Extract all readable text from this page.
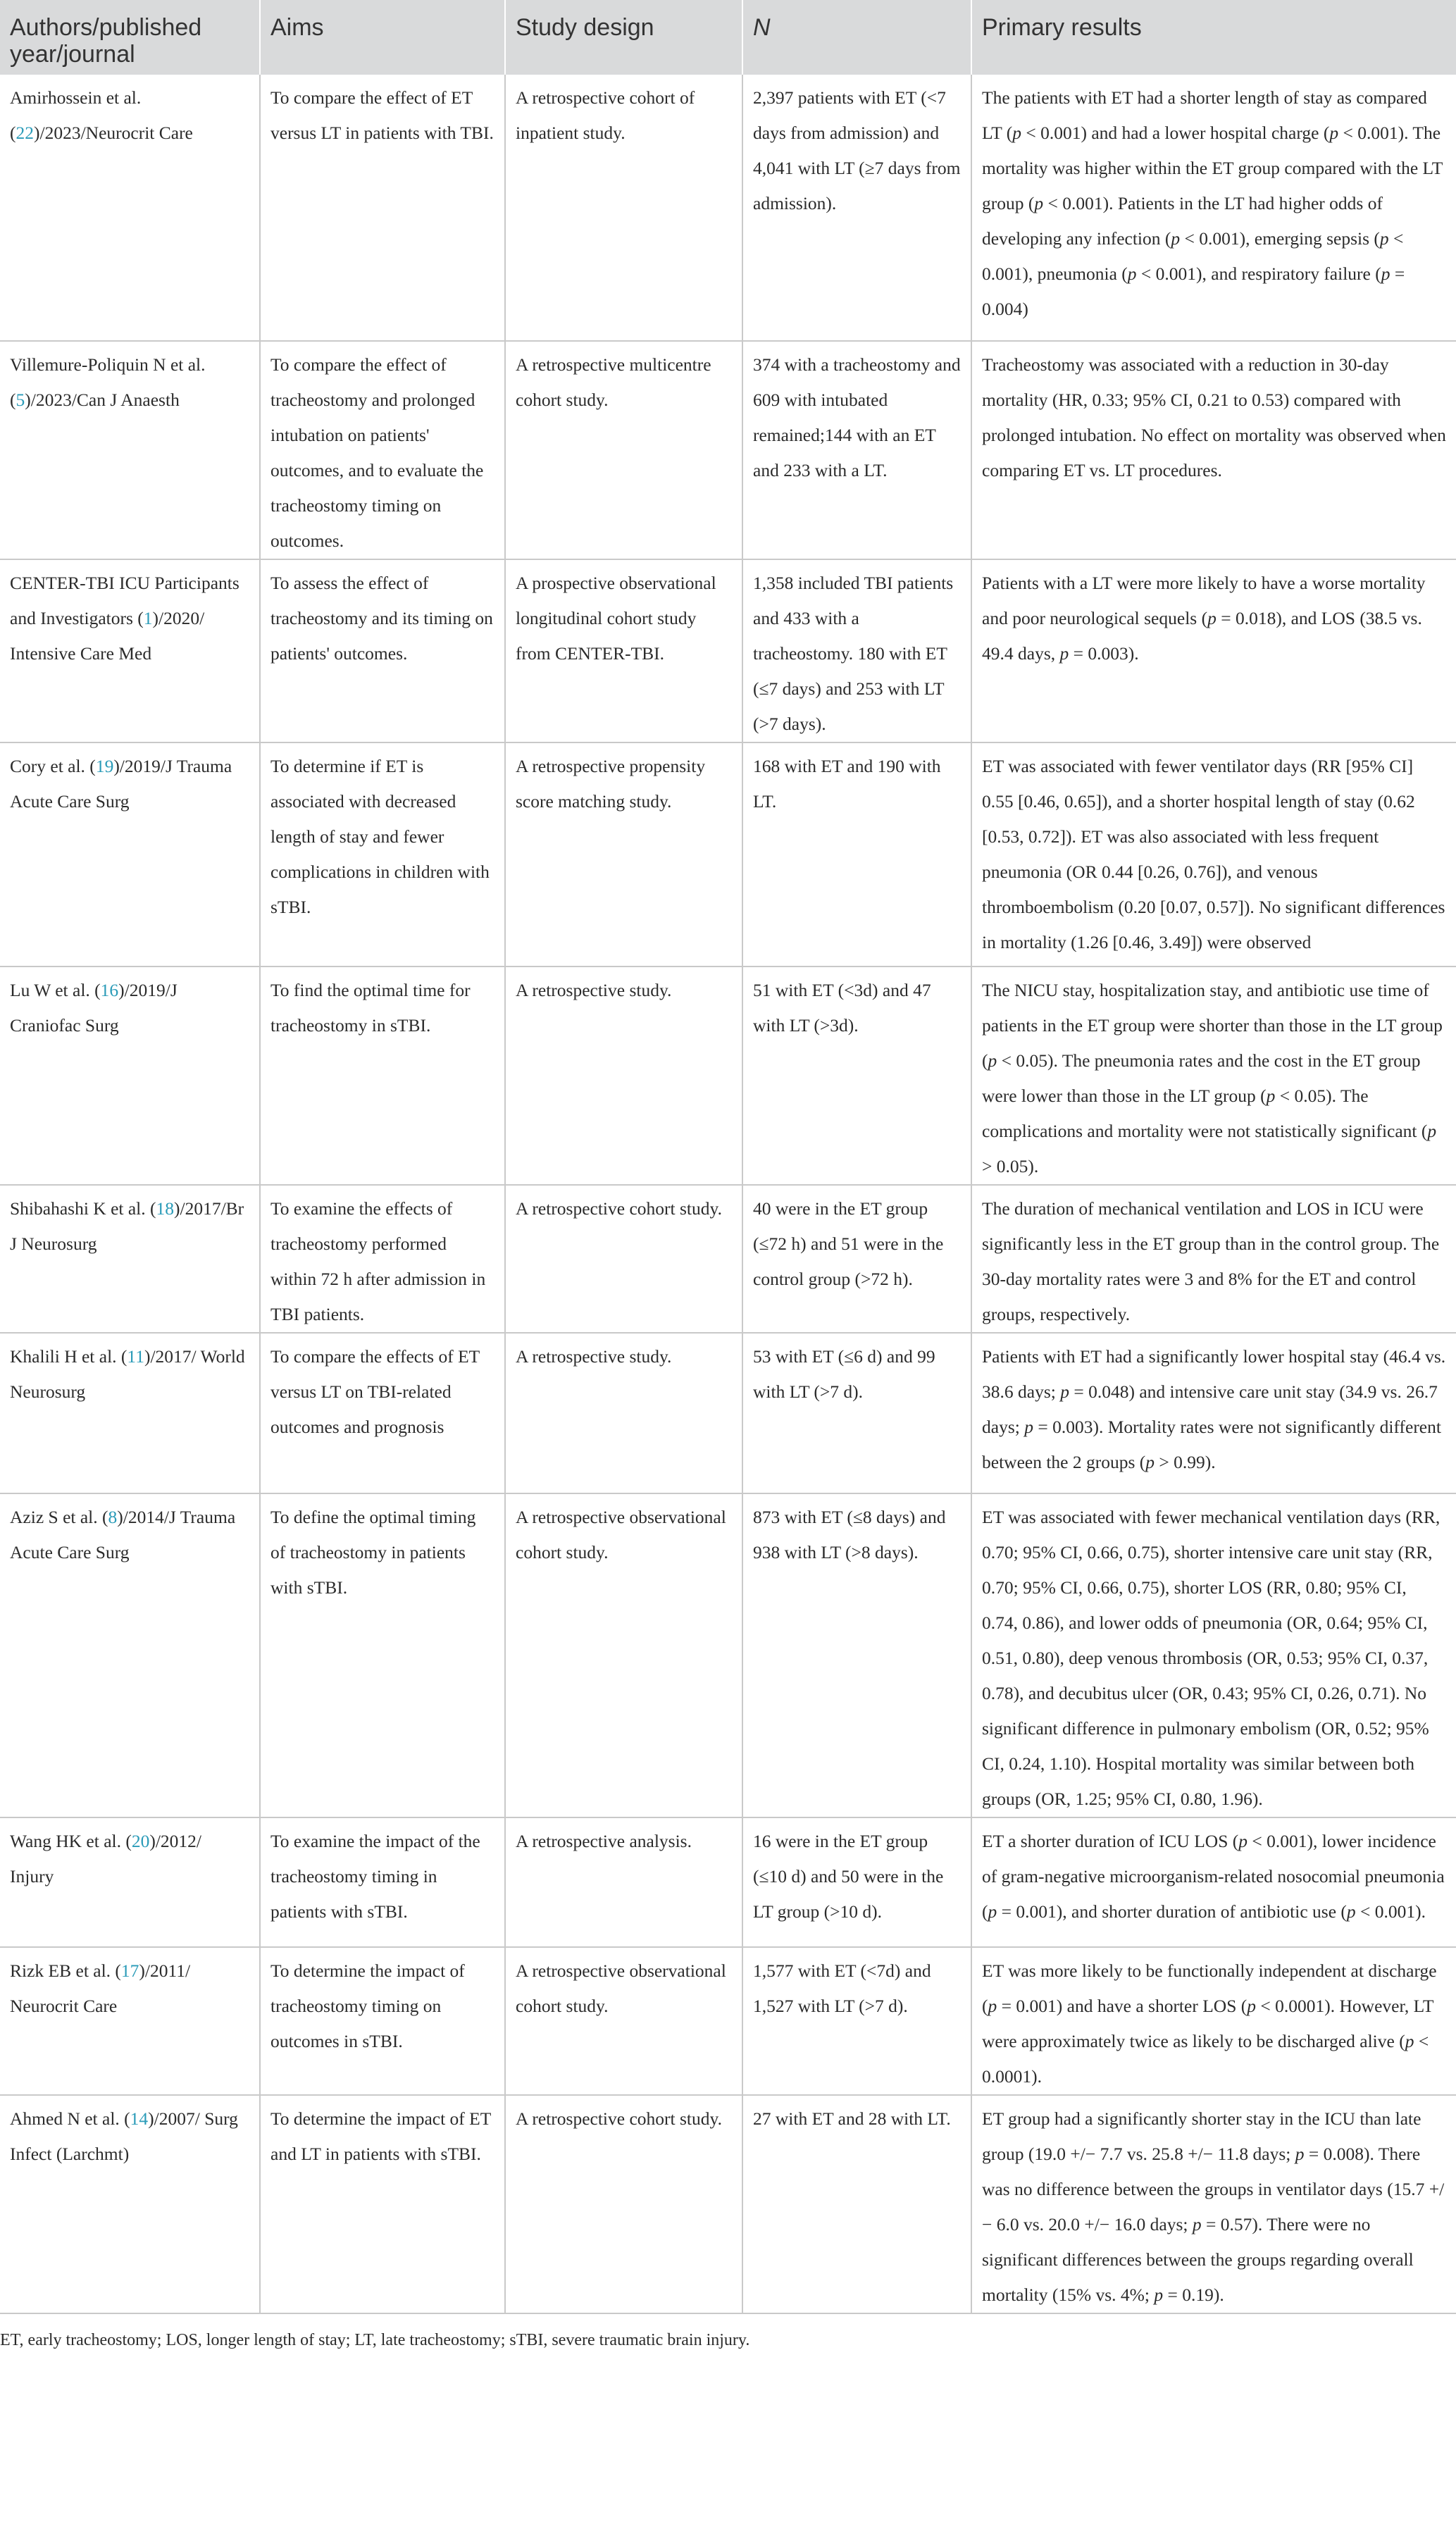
Authors/published year/journal	Aims	Study design	N	Primary results
Amirhossein et al. (22)/2023/Neurocrit Care	To compare the effect of ET versus LT in patients with TBI.	A retrospective cohort of inpatient study.	2,397 patients with ET (<7 days from admission) and 4,041 with LT (≥7 days from admission).	The patients with ET had a shorter length of stay as compared LT (p < 0.001) and had a lower hospital charge (p < 0.001). The mortality was higher within the ET group compared with the LT group (p < 0.001). Patients in the LT had higher odds of developing any infection (p < 0.001), emerging sepsis (p < 0.001), pneumonia (p < 0.001), and respiratory failure (p = 0.004)
Villemure-Poliquin N et al. (5)/2023/Can J Anaesth	To compare the effect of tracheostomy and prolonged intubation on patients' outcomes, and to evaluate the tracheostomy timing on outcomes.	A retrospective multicentre cohort study.	374 with a tracheostomy and 609 with intubated remained;144 with an ET and 233 with a LT.	Tracheostomy was associated with a reduction in 30-day mortality (HR, 0.33; 95% CI, 0.21 to 0.53) compared with prolonged intubation. No effect on mortality was observed when comparing ET vs. LT procedures.
CENTER-TBI ICU Participants and Investigators (1)/2020/ Intensive Care Med	To assess the effect of tracheostomy and its timing on patients' outcomes.	A prospective observational longitudinal cohort study from CENTER-TBI.	1,358 included TBI patients and 433 with a tracheostomy. 180 with ET (≤7 days) and 253 with LT (>7 days).	Patients with a LT were more likely to have a worse mortality and poor neurological sequels (p = 0.018), and LOS (38.5 vs. 49.4 days, p = 0.003).
Cory et al. (19)/2019/J Trauma Acute Care Surg	To determine if ET is associated with decreased length of stay and fewer complications in children with sTBI.	A retrospective propensity score matching study.	168 with ET and 190 with LT.	ET was associated with fewer ventilator days (RR [95% CI] 0.55 [0.46, 0.65]), and a shorter hospital length of stay (0.62 [0.53, 0.72]). ET was also associated with less frequent pneumonia (OR 0.44 [0.26, 0.76]), and venous thromboembolism (0.20 [0.07, 0.57]). No significant differences in mortality (1.26 [0.46, 3.49]) were observed
Lu W et al. (16)/2019/J Craniofac Surg	To find the optimal time for tracheostomy in sTBI.	A retrospective study.	51 with ET (<3d) and 47 with LT (>3d).	The NICU stay, hospitalization stay, and antibiotic use time of patients in the ET group were shorter than those in the LT group (p < 0.05). The pneumonia rates and the cost in the ET group were lower than those in the LT group (p < 0.05). The complications and mortality were not statistically significant (p > 0.05).
Shibahashi K et al. (18)/2017/Br J Neurosurg	To examine the effects of tracheostomy performed within 72 h after admission in TBI patients.	A retrospective cohort study.	40 were in the ET group (≤72 h) and 51 were in the control group (>72 h).	The duration of mechanical ventilation and LOS in ICU were significantly less in the ET group than in the control group. The 30-day mortality rates were 3 and 8% for the ET and control groups, respectively.
Khalili H et al. (11)/2017/ World Neurosurg	To compare the effects of ET versus LT on TBI-related outcomes and prognosis	A retrospective study.	53 with ET (≤6 d) and 99 with LT (>7 d).	Patients with ET had a significantly lower hospital stay (46.4 vs. 38.6 days; p = 0.048) and intensive care unit stay (34.9 vs. 26.7 days; p = 0.003). Mortality rates were not significantly different between the 2 groups (p > 0.99).
Aziz S et al. (8)/2014/J Trauma Acute Care Surg	To define the optimal timing of tracheostomy in patients with sTBI.	A retrospective observational cohort study.	873 with ET (≤8 days) and 938 with LT (>8 days).	ET was associated with fewer mechanical ventilation days (RR, 0.70; 95% CI, 0.66, 0.75), shorter intensive care unit stay (RR, 0.70; 95% CI, 0.66, 0.75), shorter LOS (RR, 0.80; 95% CI, 0.74, 0.86), and lower odds of pneumonia (OR, 0.64; 95% CI, 0.51, 0.80), deep venous thrombosis (OR, 0.53; 95% CI, 0.37, 0.78), and decubitus ulcer (OR, 0.43; 95% CI, 0.26, 0.71). No significant difference in pulmonary embolism (OR, 0.52; 95% CI, 0.24, 1.10). Hospital mortality was similar between both groups (OR, 1.25; 95% CI, 0.80, 1.96).
Wang HK et al. (20)/2012/ Injury	To examine the impact of the tracheostomy timing in patients with sTBI.	A retrospective analysis.	16 were in the ET group (≤10 d) and 50 were in the LT group (>10 d).	ET a shorter duration of ICU LOS (p < 0.001), lower incidence of gram-negative microorganism-related nosocomial pneumonia (p = 0.001), and shorter duration of antibiotic use (p < 0.001).
Rizk EB et al. (17)/2011/ Neurocrit Care	To determine the impact of tracheostomy timing on outcomes in sTBI.	A retrospective observational cohort study.	1,577 with ET (<7d) and 1,527 with LT (>7 d).	ET was more likely to be functionally independent at discharge (p = 0.001) and have a shorter LOS (p < 0.0001). However, LT were approximately twice as likely to be discharged alive (p < 0.0001).
Ahmed N et al. (14)/2007/ Surg Infect (Larchmt)	To determine the impact of ET and LT in patients with sTBI.	A retrospective cohort study.	27 with ET and 28 with LT.	ET group had a significantly shorter stay in the ICU than late group (19.0 +/− 7.7 vs. 25.8 +/− 11.8 days; p = 0.008). There was no difference between the groups in ventilator days (15.7 +/− 6.0 vs. 20.0 +/− 16.0 days; p = 0.57). There were no significant differences between the groups regarding overall mortality (15% vs. 4%; p = 0.19).
ET, early tracheostomy; LOS, longer length of stay; LT, late tracheostomy; sTBI, severe traumatic brain injury.
